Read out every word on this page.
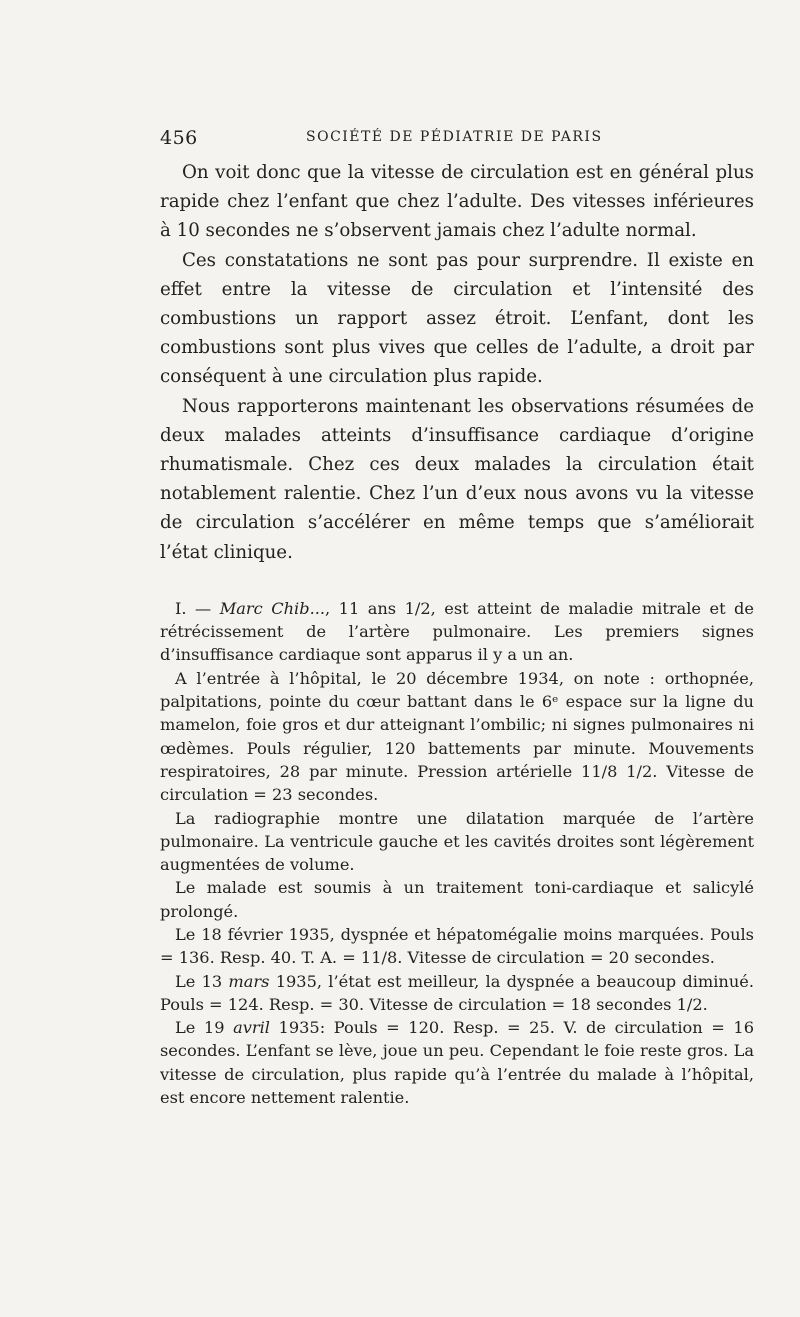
456	SOCIÉTÉ DE PÉDIATRIE DE PARIS

On voit donc que la vitesse de circulation est en général plus rapide chez l’enfant que chez l’adulte. Des vitesses inférieures à 10 secondes ne s’observent jamais chez l’adulte normal.

Ces constatations ne sont pas pour surprendre. Il existe en effet entre la vitesse de circulation et l’intensité des combustions un rapport assez étroit. L’enfant, dont les combustions sont plus vives que celles de l’adulte, a droit par conséquent à une circulation plus rapide.

Nous rapporterons maintenant les observations résumées de deux malades atteints d’insuffisance cardiaque d’origine rhumatismale. Chez ces deux malades la circulation était notablement ralentie. Chez l’un d’eux nous avons vu la vitesse de circulation s’accélérer en même temps que s’améliorait l’état clinique.

I. — Marc Chib..., 11 ans 1/2, est atteint de maladie mitrale et de rétrécissement de l’artère pulmonaire. Les premiers signes d’insuffisance cardiaque sont apparus il y a un an.

A l’entrée à l’hôpital, le 20 décembre 1934, on note : orthopnée, palpitations, pointe du cœur battant dans le 6ᵉ espace sur la ligne du mamelon, foie gros et dur atteignant l’ombilic; ni signes pulmonaires ni œdèmes. Pouls régulier, 120 battements par minute. Mouvements respiratoires, 28 par minute. Pression artérielle 11/8 1/2. Vitesse de circulation = 23 secondes.

La radiographie montre une dilatation marquée de l’artère pulmonaire. La ventricule gauche et les cavités droites sont légèrement augmentées de volume.

Le malade est soumis à un traitement toni-cardiaque et salicylé prolongé.

Le 18 février 1935, dyspnée et hépatomégalie moins marquées. Pouls = 136. Resp. 40. T. A. = 11/8. Vitesse de circulation = 20 secondes.

Le 13 mars 1935, l’état est meilleur, la dyspnée a beaucoup diminué. Pouls = 124. Resp. = 30. Vitesse de circulation = 18 secondes 1/2.

Le 19 avril 1935: Pouls = 120. Resp. = 25. V. de circulation = 16 secondes. L’enfant se lève, joue un peu. Cependant le foie reste gros. La vitesse de circulation, plus rapide qu’à l’entrée du malade à l’hôpital, est encore nettement ralentie.
